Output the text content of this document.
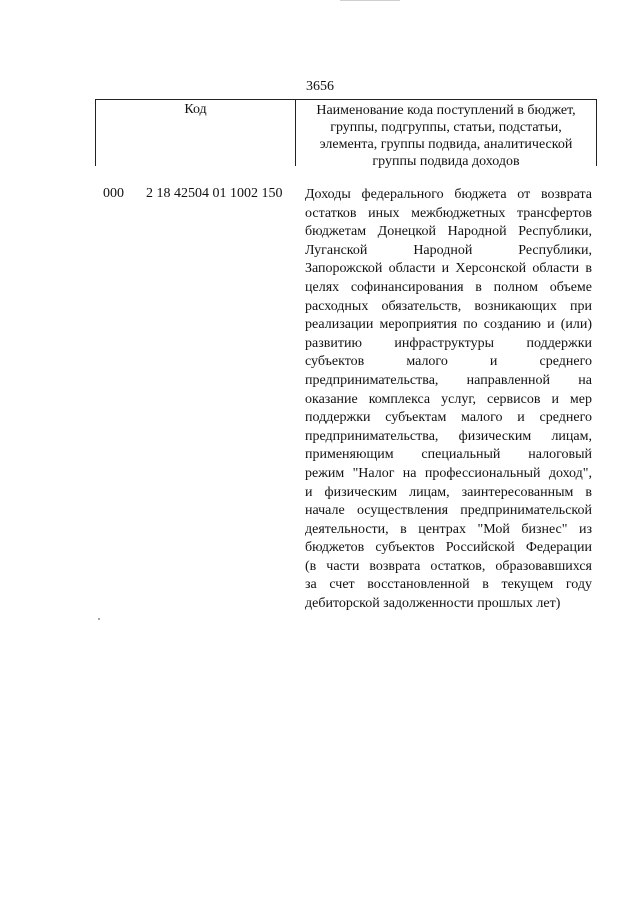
3656
Код	Наименование кода поступлений в бюджет, группы, подгруппы, статьи, подстатьи, элемента, группы подвида, аналитической группы подвида доходов
000 2 18 42504 01 1002 150 Доходы федерального бюджета от возврата
остатков иных межбюджетных трансфертов
бюджетам Донецкой Народной Республики,
Луганской Народной Республики,
Запорожской области и Херсонской области в
целях софинансирования в полном объеме
расходных обязательств, возникающих при
реализации мероприятия по созданию и (или)
развитию инфраструктуры поддержки
субъектов малого и среднего
предпринимательства, направленной на
оказание комплекса услуг, сервисов и мер
поддержки субъектам малого и среднего
предпринимательства, физическим лицам,
применяющим специальный налоговый
режим "Налог на профессиональный доход",
и физическим лицам, заинтересованным в
начале осуществления предпринимательской
деятельности, в центрах "Мой бизнес" из
бюджетов субъектов Российской Федерации
(в части возврата остатков, образовавшихся
за счет восстановленной в текущем году
дебиторской задолженности прошлых лет)
